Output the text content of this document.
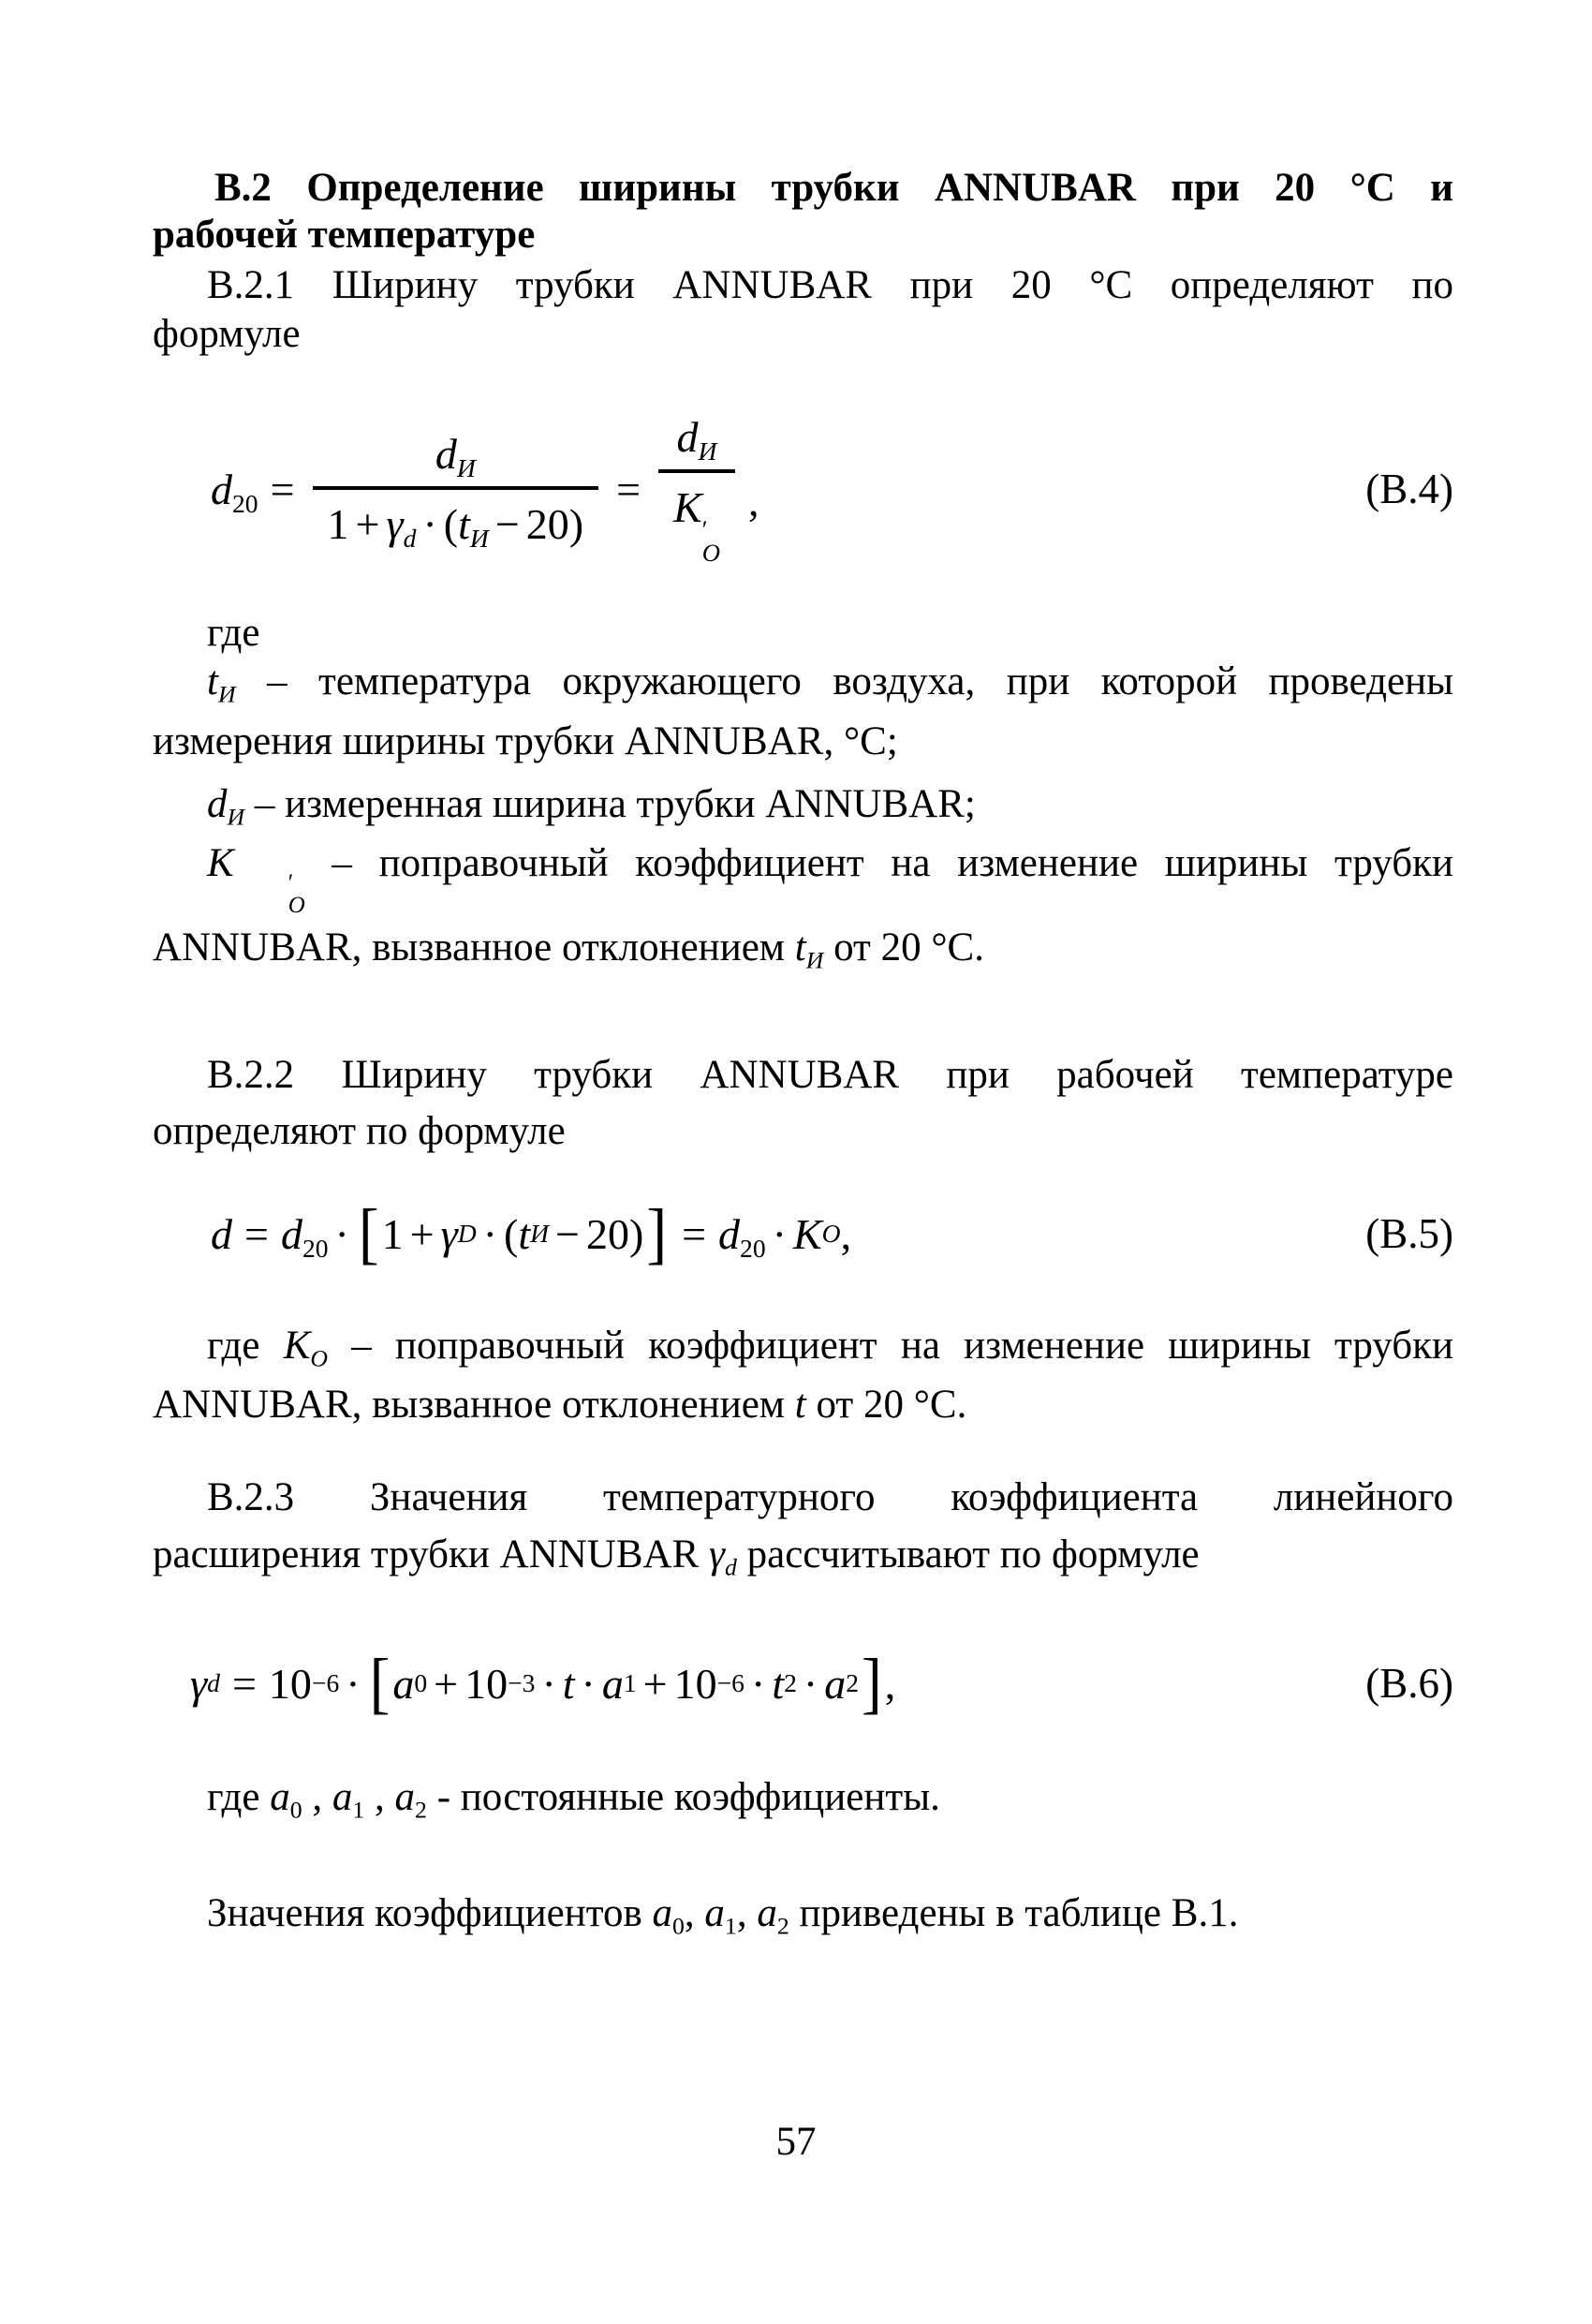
В.2 Определение ширины трубки ANNUBAR при 20 °С и
рабочей температуре
В.2.1 Ширину трубки ANNUBAR при 20 °С определяют по
формуле
$d_{20} = \frac{d_И}{1 + \gamma_d \cdot (t_И - 20)} = d_И$
K ′
О ,	(В.4)
где
$t_И$ – температура окружающего воздуха, при которой проведены
измерения ширины трубки ANNUBAR, °С;
$d_И$ – измеренная ширина трубки ANNUBAR;
K	′
О
– поправочный коэффициент на изменение ширины трубки
ANNUBAR, вызванное отклонением $t_И$ от 20 °С.
В.2.2 Ширину трубки ANNUBAR при рабочей температуре
определяют по формуле
$d = d_{20}$ · [ 1 + γ D · ( t И − 20 ) ] = $d_{20} \cdot K$ О ,	(В.5)
где $K_О$ – поправочный коэффициент на изменение ширины трубки
ANNUBAR, вызванное отклонением t от 20 °С.
В.2.3 Значения температурного коэффициента линейного
расширения трубки ANNUBAR $\gamma_d$ рассчитывают по формуле
γ d = 10 −6 · [ a 0 + 10 −3 · t · a 1 + 10 −6 · t 2 · a 2 ] ,	(В.6)
где $a_0$ , $a_1$ , $a_2$ - постоянные коэффициенты.
Значения коэффициентов $a_0$, $a_1$, $a_2$ приведены в таблице В.1.
57
